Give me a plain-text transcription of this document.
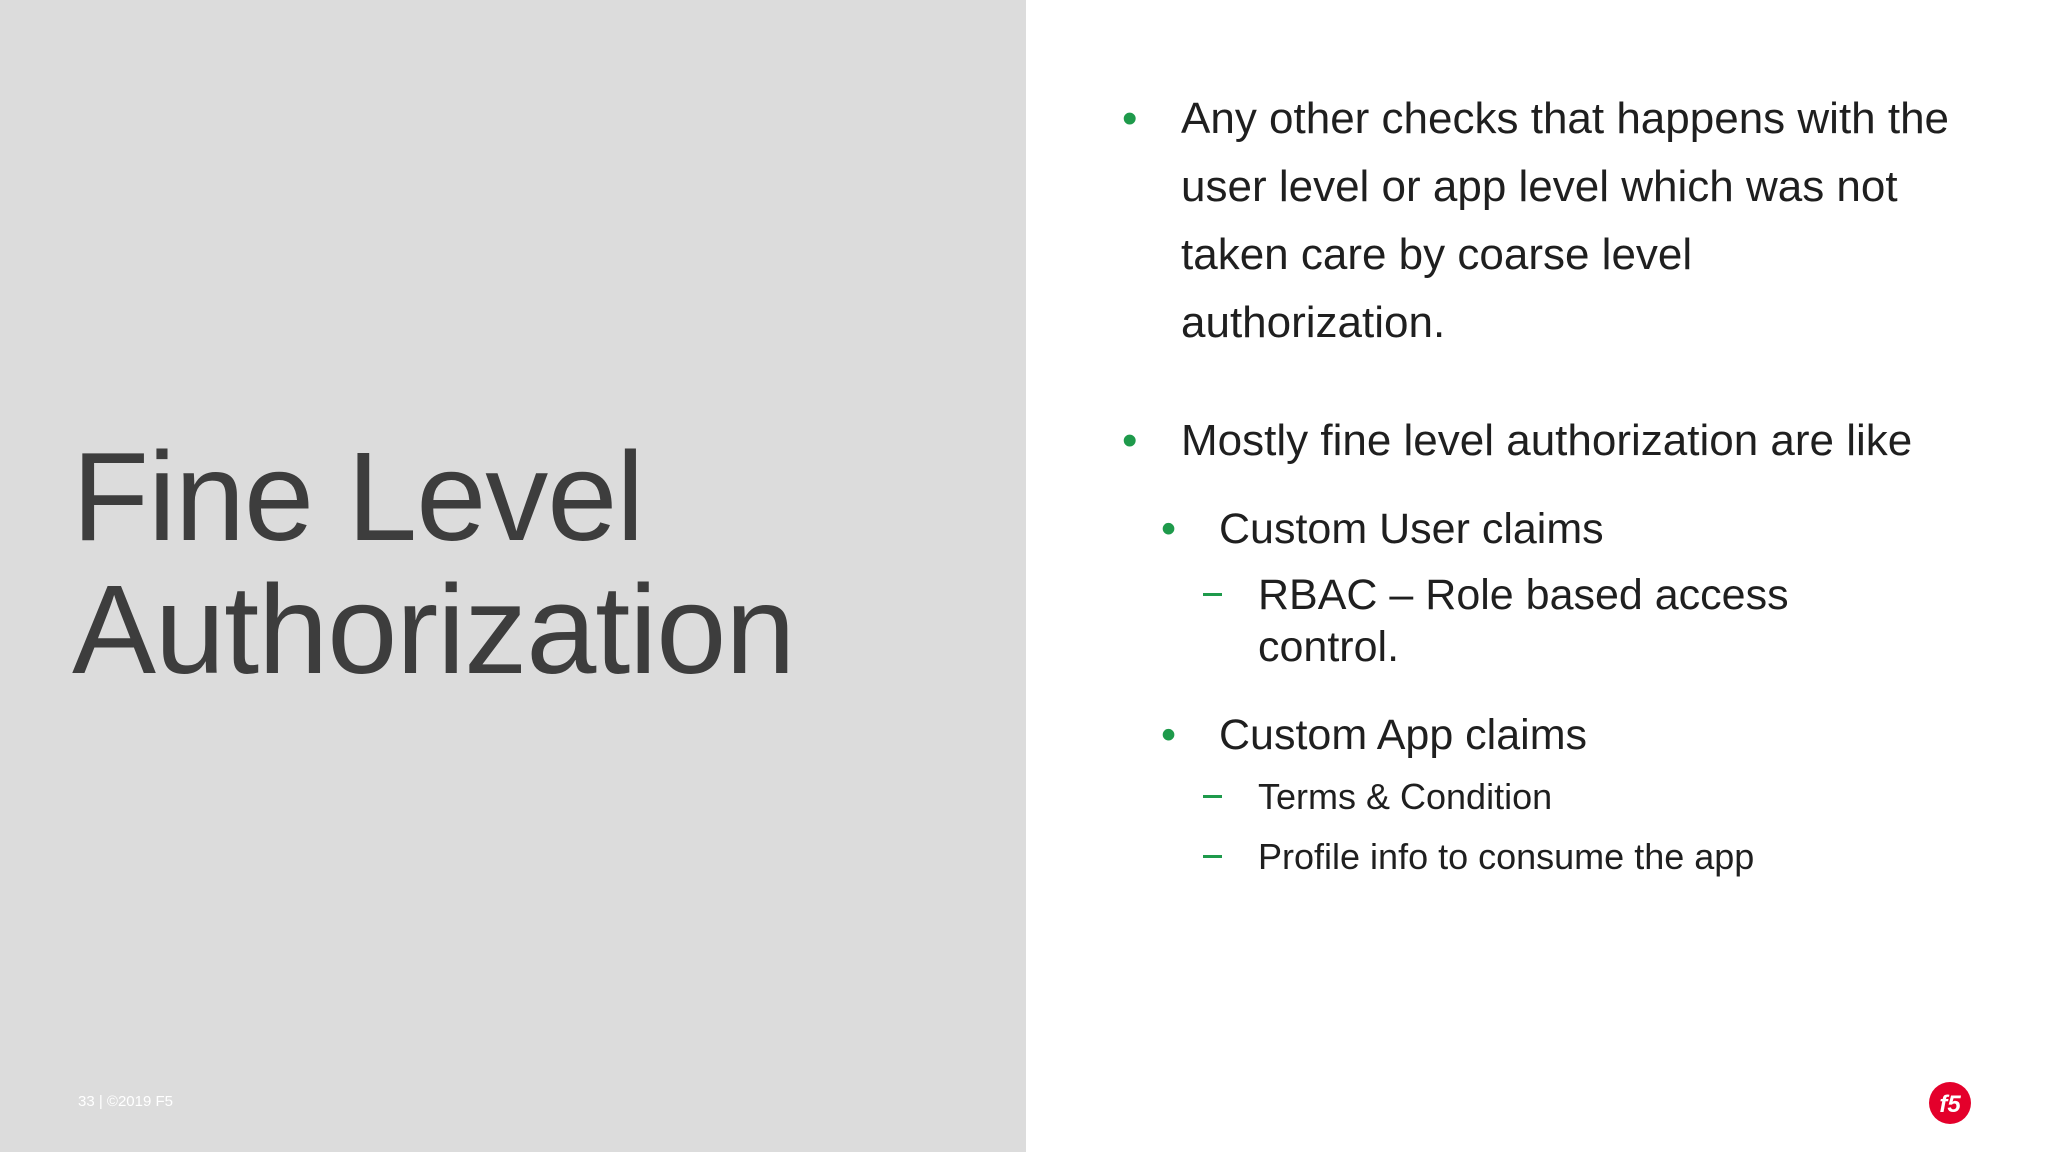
Fine Level
Authorization
33 | ©2019 F5
• Any other checks that happens with the
user level or app level which was not
taken care by coarse level
authorization.
• Mostly fine level authorization are like
• Custom User claims
RBAC – Role based access
control.
• Custom App claims
Terms & Condition
Profile info to consume the app
f5
